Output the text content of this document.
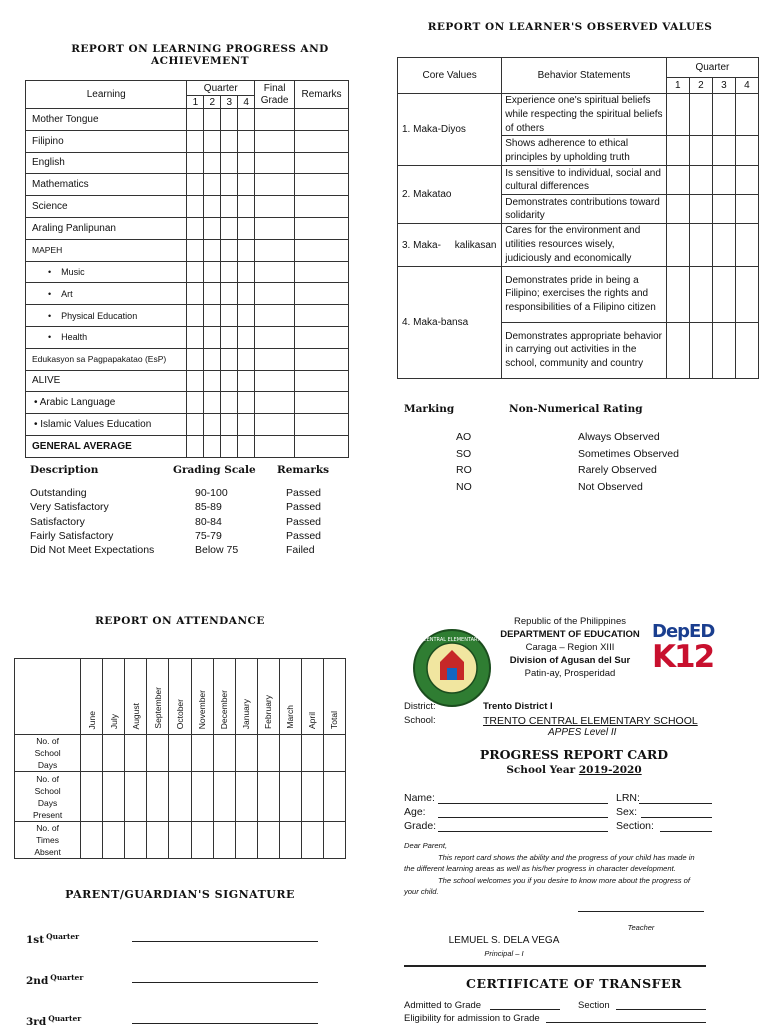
REPORT ON LEARNING PROGRESS AND
ACHIEVEMENT
Learning	Quarter				Final
Grade	Remarks
	1	2	3	4		
Mother Tongue						
Filipino						
English						
Mathematics						
Science						
Araling Panlipunan						
MAPEH						
•    Music						
•    Art						
•    Physical Education						
•    Health						
Edukasyon sa Pagpapakatao (EsP)						
ALIVE						
• Arabic Language						
• Islamic Values Education						
GENERAL AVERAGE						
Description	Grading Scale Remarks
Outstanding	90-100	Passed
Very Satisfactory	85-89	Passed
Satisfactory	80-84	Passed
Fairly Satisfactory	75-79	Passed
Did Not Meet Expectations	Below 75	Failed
REPORT ON LEARNER'S OBSERVED VALUES
Core Values	Behavior Statements	Quarter			
		1	2	3	4
1. Maka-Diyos	Experience one's spiritual beliefs while respecting the spiritual beliefs of others				
	Shows adherence to ethical principles by upholding truth				
2. Makatao	Is sensitive to individual, social and cultural differences				
	Demonstrates contributions toward solidarity				
3. Maka-     kalikasan	Cares for the environment and utilities resources wisely, judiciously and economically				
4. Maka-bansa	Demonstrates pride in being a Filipino; exercises the rights and responsibilities of a Filipino citizen				
	Demonstrates appropriate behavior in carrying out activities in the school, community and country				
Marking	Non-Numerical Rating
AO	Always Observed
SO	Sometimes Observed
RO	Rarely Observed
NO	Not Observed
REPORT ON ATTENDANCE
	June	July	August	September	October	November	December	January	February	March	April	Total
No. of School Days												
No. of School Days Present												
No. of Times Absent												
PARENT/GUARDIAN'S SIGNATURE
1st $^{Quarter}$
2nd $^{Quarter}$
3rd $^{Quarter}$
TRENTO CENTRAL ELEMENTARY SCHOOL	DepED
K12
Republic of the Philippines
DEPARTMENT OF EDUCATION
Caraga – Region XIII
Division of Agusan del Sur
Patin-ay, Prosperidad
District:
School:
Trento District I
TRENTO CENTRAL ELEMENTARY SCHOOL
APPES Level II
PROGRESS REPORT CARD
School Year 2019-2020
Name:	LRN:
Age:	Sex:
Grade:	Section:
Dear Parent,
This report card shows the ability and the progress of your child has made in the different learning areas as well as his/her progress in character development.
The school welcomes you if you desire to know more about the progress of your child.
Teacher
LEMUEL S. DELA VEGA
Principal – I
CERTIFICATE OF TRANSFER
Admitted to Grade	Section
Eligibility for admission to Grade
